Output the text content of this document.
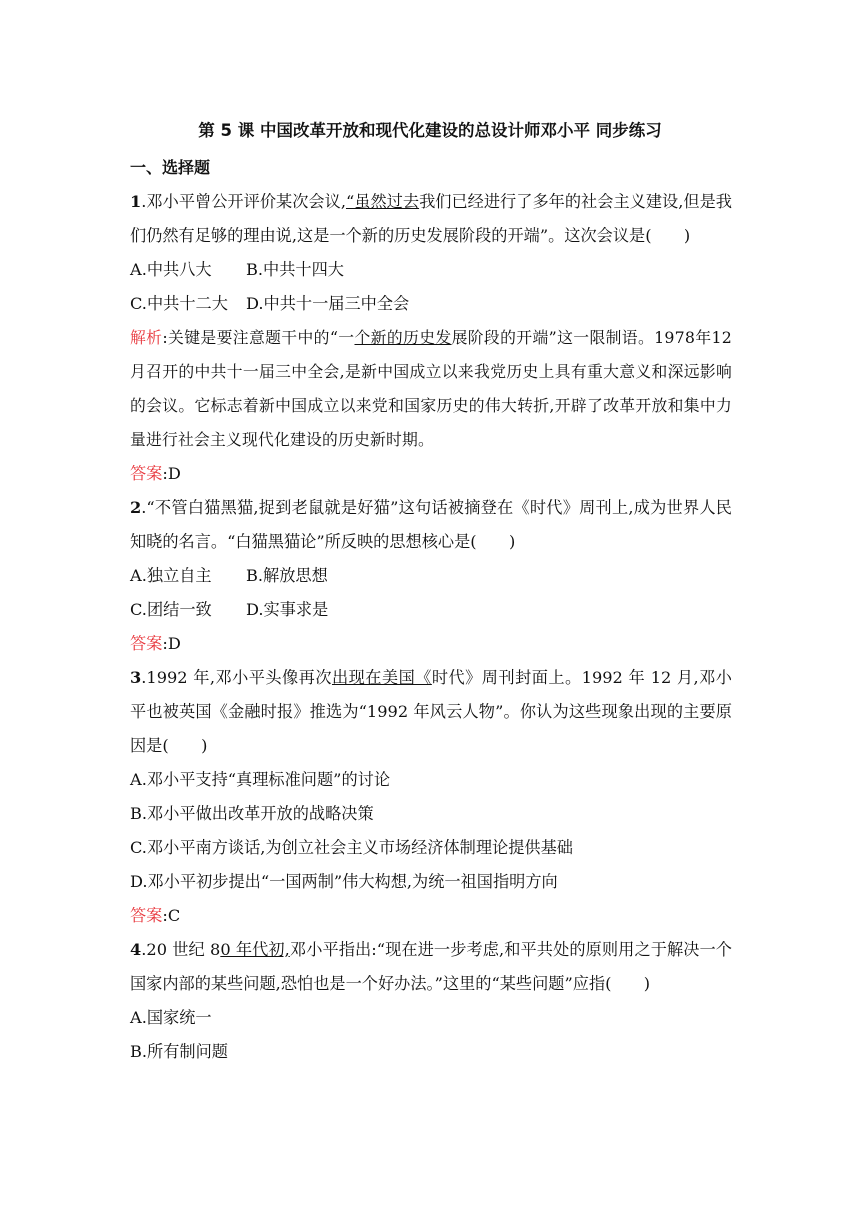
第 5 课 中国改革开放和现代化建设的总设计师邓小平 同步练习
一、选择题

1.邓小平曾公开评价某次会议,“虽然过去我们已经进行了多年的社会主义建设,但是我们仍然有足够的理由说,这是一个新的历史发展阶段的开端”。这次会议是(　　)

A.中共八大 B.中共十四大

C.中共十二大 D.中共十一届三中全会

解析:关键是要注意题干中的“一个新的历史发展阶段的开端”这一限制语。1978年12月召开的中共十一届三中全会,是新中国成立以来我党历史上具有重大意义和深远影响的会议。它标志着新中国成立以来党和国家历史的伟大转折,开辟了改革开放和集中力量进行社会主义现代化建设的历史新时期。

答案:D

2.“不管白猫黑猫,捉到老鼠就是好猫”这句话被摘登在《时代》周刊上,成为世界人民知晓的名言。“白猫黑猫论”所反映的思想核心是(　　)

A.独立自主 B.解放思想

C.团结一致 D.实事求是

答案:D

3.1992 年,邓小平头像再次出现在美国《时代》周刊封面上。1992 年 12 月,邓小平也被英国《金融时报》推选为“1992 年风云人物”。你认为这些现象出现的主要原因是(　　)

A.邓小平支持“真理标准问题”的讨论

B.邓小平做出改革开放的战略决策

C.邓小平南方谈话,为创立社会主义市场经济体制理论提供基础

D.邓小平初步提出“一国两制”伟大构想,为统一祖国指明方向

答案:C

4.20 世纪 80 年代初,邓小平指出:“现在进一步考虑,和平共处的原则用之于解决一个国家内部的某些问题,恐怕也是一个好办法。”这里的“某些问题”应指(　　)

A.国家统一

B.所有制问题
